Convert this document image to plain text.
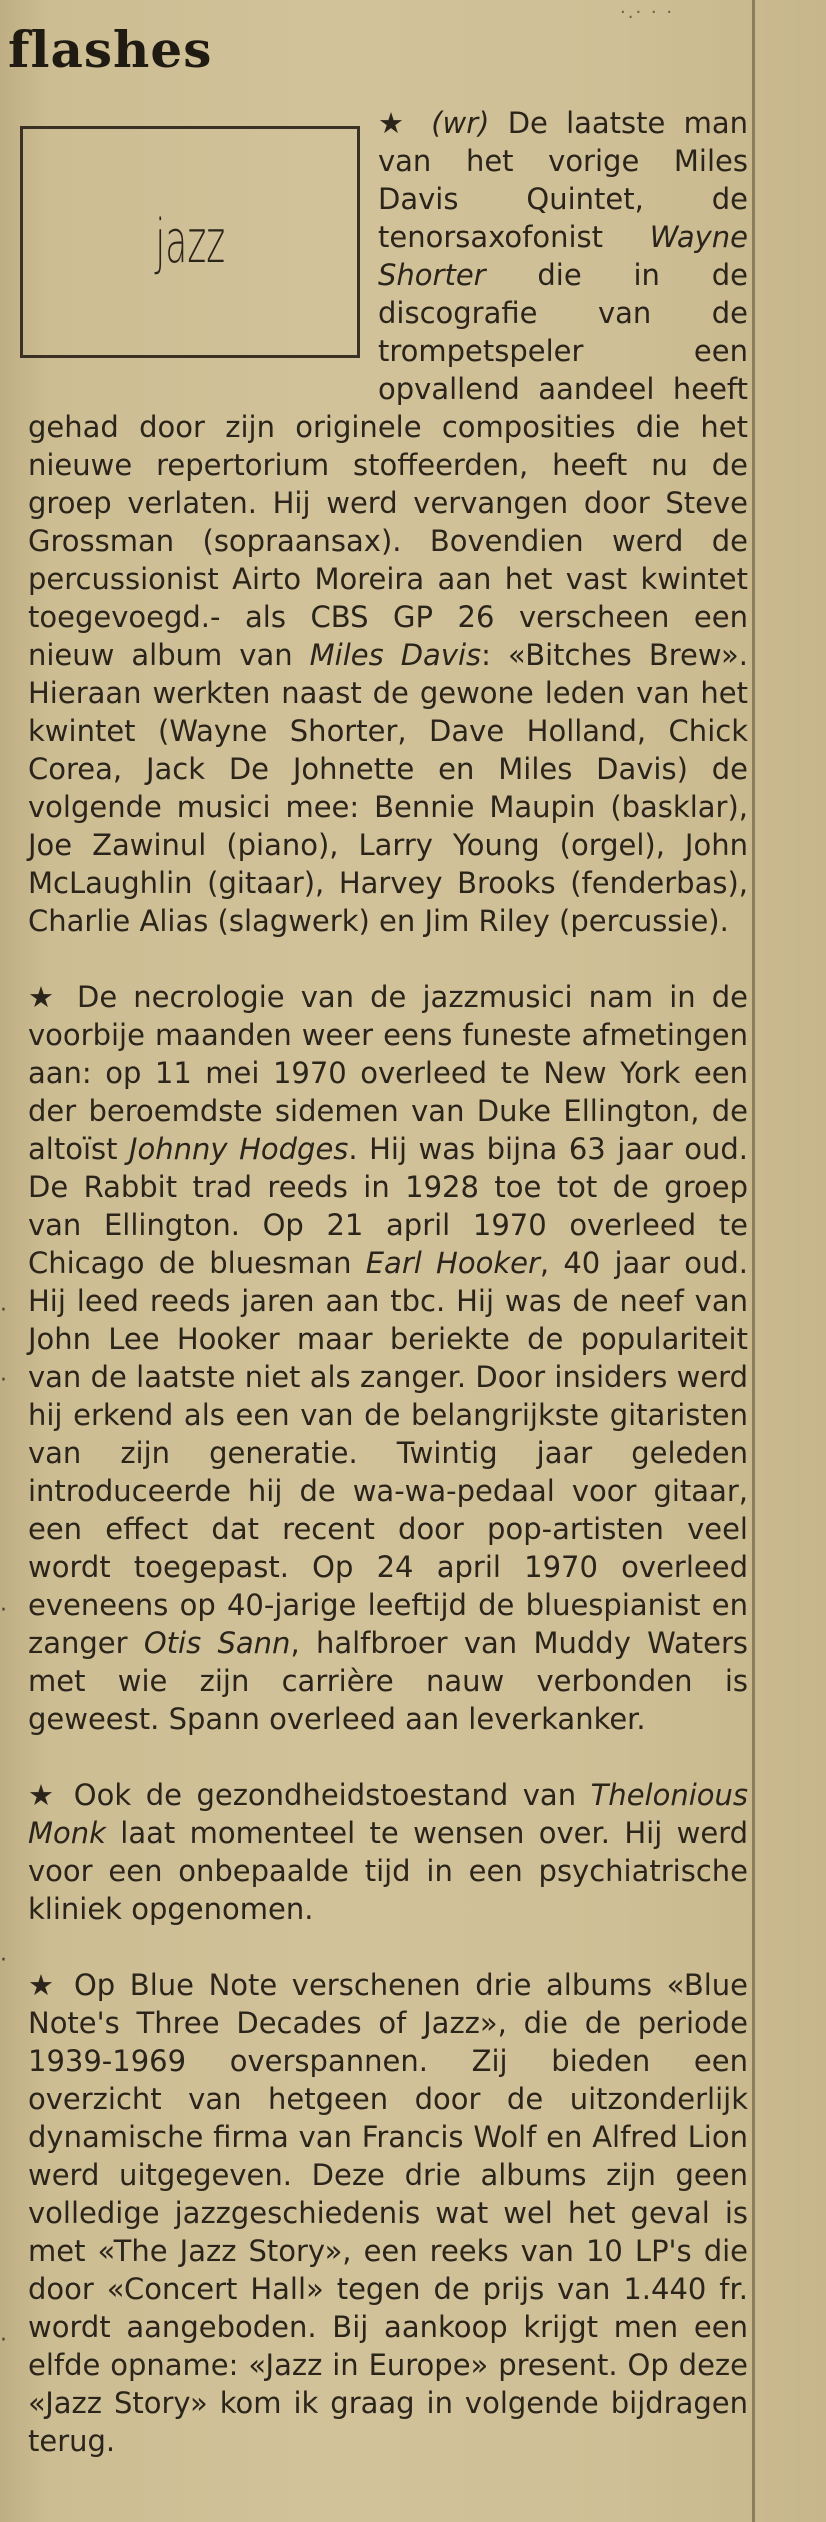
·.· · ·
·
·
·
·
·
flashes
jazz

★ (wr) De laatste man van het vorige Miles Davis Quintet, de tenorsaxofonist Wayne Shorter die in de discografie van de trompetspeler een opvallend aandeel heeft gehad door zijn originele composities die het nieuwe repertorium stoffeerden, heeft nu de groep verlaten. Hij werd vervangen door Steve Grossman (sopraansax). Bovendien werd de percussionist Airto Moreira aan het vast kwintet toegevoegd.- als CBS GP 26 verscheen een nieuw album van Miles Davis: «Bitches Brew». Hieraan werkten naast de gewone leden van het kwintet (Wayne Shorter, Dave Holland, Chick Corea, Jack De Johnette en Miles Davis) de volgende musici mee: Bennie Maupin (basklar), Joe Zawinul (piano), Larry Young (orgel), John McLaughlin (gitaar), Harvey Brooks (fenderbas), Charlie Alias (slagwerk) en Jim Riley (percussie).

★ De necrologie van de jazzmusici nam in de voorbije maanden weer eens funeste afmetingen aan: op 11 mei 1970 overleed te New York een der beroemdste sidemen van Duke Ellington, de altoïst Johnny Hodges. Hij was bijna 63 jaar oud. De Rabbit trad reeds in 1928 toe tot de groep van Ellington. Op 21 april 1970 overleed te Chicago de bluesman Earl Hooker, 40 jaar oud. Hij leed reeds jaren aan tbc. Hij was de neef van John Lee Hooker maar beriekte de populariteit van de laatste niet als zanger. Door insiders werd hij erkend als een van de belangrijkste gitaristen van zijn generatie. Twintig jaar geleden introduceerde hij de wa-wa-pedaal voor gitaar, een effect dat recent door pop-artisten veel wordt toegepast. Op 24 april 1970 overleed eveneens op 40-jarige leeftijd de bluespianist en zanger Otis Sann, halfbroer van Muddy Waters met wie zijn carrière nauw verbonden is geweest. Spann overleed aan leverkanker.

★ Ook de gezondheidstoestand van Thelonious Monk laat momenteel te wensen over. Hij werd voor een onbepaalde tijd in een psychiatrische kliniek opgenomen.

★ Op Blue Note verschenen drie albums «Blue Note's Three Decades of Jazz», die de periode 1939-1969 overspannen. Zij bieden een overzicht van hetgeen door de uitzonderlijk dynamische firma van Francis Wolf en Alfred Lion werd uitgegeven. Deze drie albums zijn geen volledige jazzgeschiedenis wat wel het geval is met «The Jazz Story», een reeks van 10 LP's die door «Concert Hall» tegen de prijs van 1.440 fr. wordt aangeboden. Bij aankoop krijgt men een elfde opname: «Jazz in Europe» present. Op deze «Jazz Story» kom ik graag in volgende bijdragen terug.
